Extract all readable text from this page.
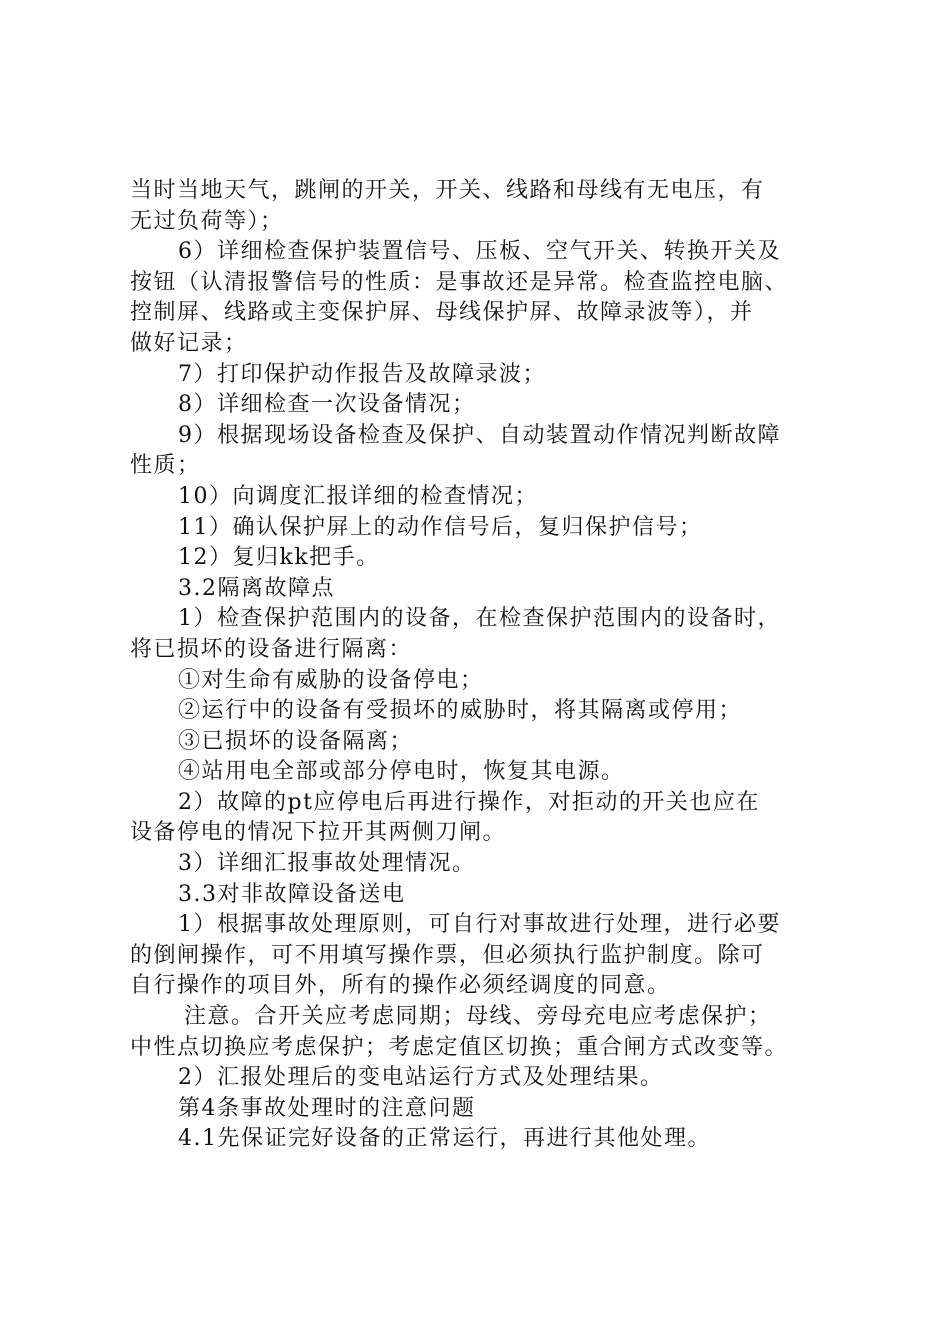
当时当地天气，跳闸的开关，开关、线路和母线有无电压，有
无过负荷等）；
6）详细检查保护装置信号、压板、空气开关、转换开关及
按钮（认清报警信号的性质：是事故还是异常。检查监控电脑、
控制屏、线路或主变保护屏、母线保护屏、故障录波等），并
做好记录；
7）打印保护动作报告及故障录波；
8）详细检查一次设备情况；
9）根据现场设备检查及保护、自动装置动作情况判断故障
性质；
10）向调度汇报详细的检查情况；
11）确认保护屏上的动作信号后，复归保护信号；
12）复归kk把手。
3.2隔离故障点
1）检查保护范围内的设备，在检查保护范围内的设备时，
将已损坏的设备进行隔离：
①对生命有威胁的设备停电；
②运行中的设备有受损坏的威胁时，将其隔离或停用；
③已损坏的设备隔离；
④站用电全部或部分停电时，恢复其电源。
2）故障的pt应停电后再进行操作，对拒动的开关也应在
设备停电的情况下拉开其两侧刀闸。
3）详细汇报事故处理情况。
3.3对非故障设备送电
1）根据事故处理原则，可自行对事故进行处理，进行必要
的倒闸操作，可不用填写操作票，但必须执行监护制度。除可
自行操作的项目外，所有的操作必须经调度的同意。
注意。合开关应考虑同期；母线、旁母充电应考虑保护；
中性点切换应考虑保护；考虑定值区切换；重合闸方式改变等。
2）汇报处理后的变电站运行方式及处理结果。
第4条事故处理时的注意问题
4.1先保证完好设备的正常运行，再进行其他处理。
